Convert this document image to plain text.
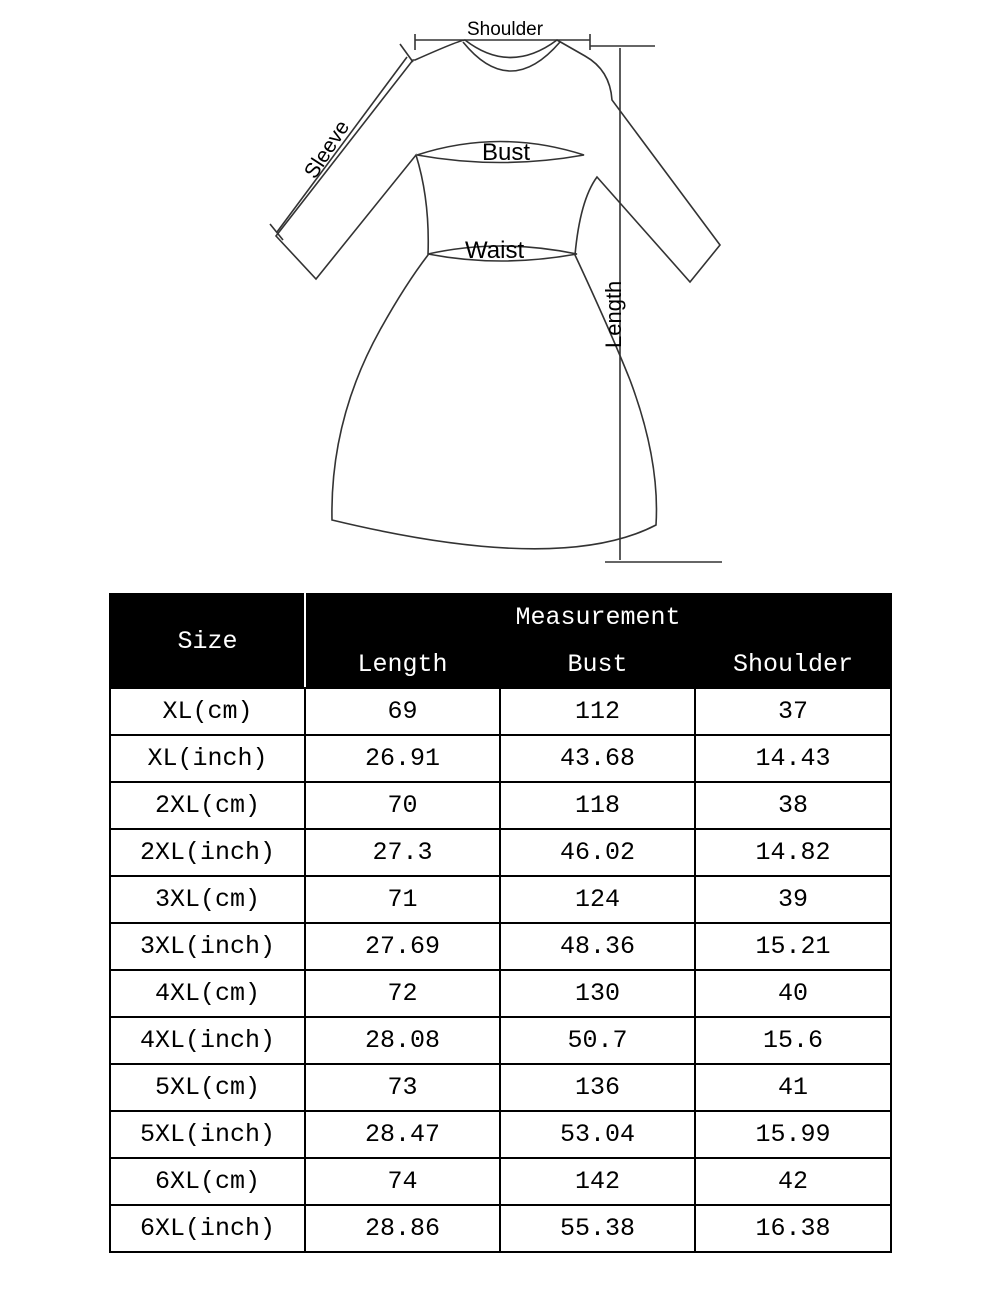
Shoulder
Sleeve	Bust
Waist
Length
Size	Measurement		
	Length	Bust	Shoulder
XL(cm)	69	112	37
XL(inch)	26.91	43.68	14.43
2XL(cm)	70	118	38
2XL(inch)	27.3	46.02	14.82
3XL(cm)	71	124	39
3XL(inch)	27.69	48.36	15.21
4XL(cm)	72	130	40
4XL(inch)	28.08	50.7	15.6
5XL(cm)	73	136	41
5XL(inch)	28.47	53.04	15.99
6XL(cm)	74	142	42
6XL(inch)	28.86	55.38	16.38
